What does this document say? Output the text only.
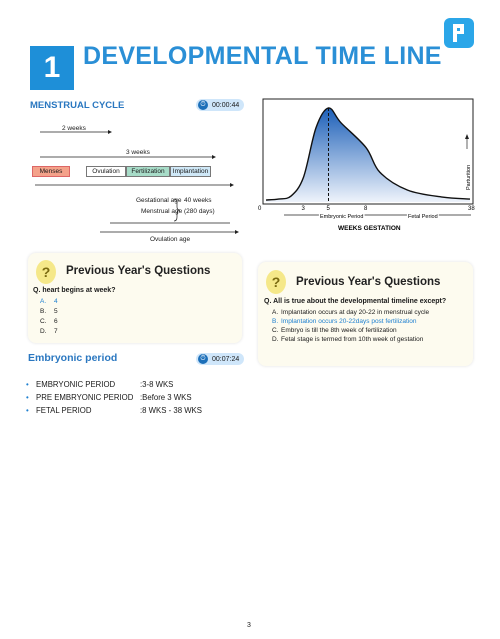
1 DEVELOPMENTAL TIME LINE
MENSTRUAL CYCLE	⏱ 00:00:44
2 weeks
3 weeks
Menses	Ovulation	Fertilization	Implantation
Gestational age
Menstrual age
40 weeks
(280 days)
Ovulation age
0	3	5	8	38
Embryonic Period	Fetal Period
WEEKS GESTATION
Parturition
?	Previous Year's Questions
Q. heart begins at week?
A. 4
B. 5
C. 6
D. 7
?	Previous Year's Questions
Q. All is true about the developmental timeline except?
A. Implantation occurs at day 20-22 in menstrual cycle
B. Implantation occurs 20-22days post fertilization
C. Embryo is till the 8th week of fertilization
D. Fetal stage is termed from 10th week of gestation
Embryonic period	⏱ 00:07:24
• EMBRYONIC PERIOD	:3-8 WKS
• PRE EMBRYONIC PERIOD :Before 3 WKS
• FETAL PERIOD	:8 WKS - 38 WKS
3
